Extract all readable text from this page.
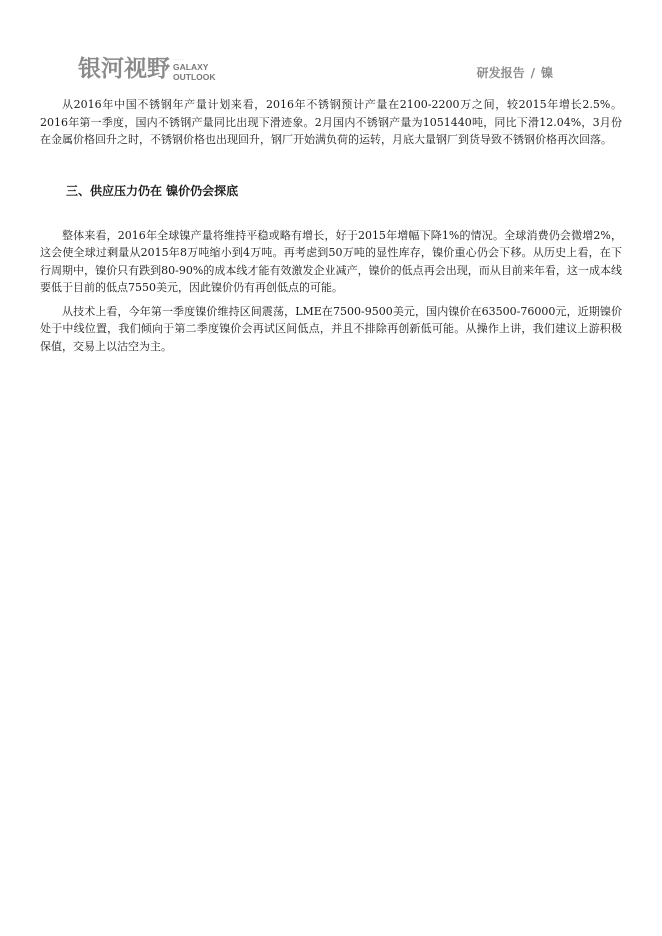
银河视野 ·····
GALAXY
OUTLOOK	研发报告 / 镍

从2016年中国不锈钢年产量计划来看，2016年不锈钢预计产量在2100-2200万之间，较2015年增长2.5%。2016年第一季度，国内不锈钢产量同比出现下滑迹象。2月国内不锈钢产量为1051440吨，同比下滑12.04%，3月份在金属价格回升之时，不锈钢价格也出现回升，钢厂开始满负荷的运转，月底大量钢厂到货导致不锈钢价格再次回落。

三、供应压力仍在 镍价仍会探底

整体来看，2016年全球镍产量将维持平稳或略有增长，好于2015年增幅下降1%的情况。全球消费仍会微增2%，这会使全球过剩量从2015年8万吨缩小到4万吨。再考虑到50万吨的显性库存，镍价重心仍会下移。从历史上看，在下行周期中，镍价只有跌到80-90%的成本线才能有效激发企业减产，镍价的低点再会出现，而从目前来年看，这一成本线要低于目前的低点7550美元，因此镍价仍有再创低点的可能。

从技术上看，今年第一季度镍价维持区间震荡，LME在7500-9500美元，国内镍价在63500-76000元，近期镍价处于中线位置，我们倾向于第二季度镍价会再试区间低点，并且不排除再创新低可能。从操作上讲，我们建议上游积极保值，交易上以沽空为主。
